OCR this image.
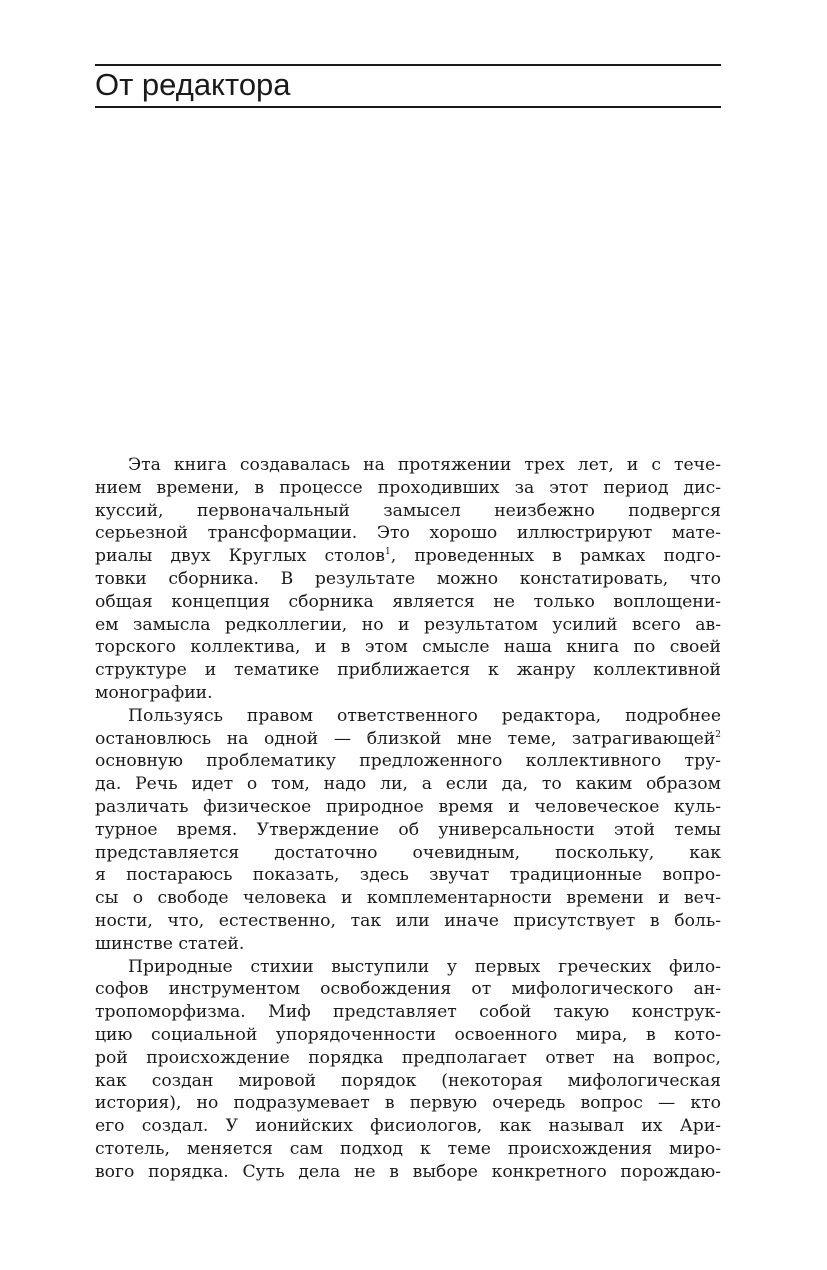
От редактора
Эта книга создавалась на протяжении трех лет, и с тече-
нием времени, в процессе проходивших за этот период дис-
куссий, первоначальный замысел неизбежно подвергся
серьезной трансформации. Это хорошо иллюстрируют мате-
риалы двух Круглых столов$^1$, проведенных в рамках подго-
товки сборника. В результате можно констатировать, что
общая концепция сборника является не только воплощени-
ем замысла редколлегии, но и результатом усилий всего ав-
торского коллектива, и в этом смысле наша книга по своей
структуре и тематике приближается к жанру коллективной
монографии.
Пользуясь правом ответственного редактора, подробнее
остановлюсь на одной — близкой мне теме, затрагивающей$^2$
основную проблематику предложенного коллективного тру-
да. Речь идет о том, надо ли, а если да, то каким образом
различать физическое природное время и человеческое куль-
турное время. Утверждение об универсальности этой темы
представляется достаточно очевидным, поскольку, как
я постараюсь показать, здесь звучат традиционные вопро-
сы о свободе человека и комплементарности времени и веч-
ности, что, естественно, так или иначе присутствует в боль-
шинстве статей.
Природные стихии выступили у первых греческих фило-
софов инструментом освобождения от мифологического ан-
тропоморфизма. Миф представляет собой такую конструк-
цию социальной упорядоченности освоенного мира, в кото-
рой происхождение порядка предполагает ответ на вопрос,
как создан мировой порядок (некоторая мифологическая
история), но подразумевает в первую очередь вопрос — кто
его создал. У ионийских фисиологов, как называл их Ари-
стотель, меняется сам подход к теме происхождения миро-
вого порядка. Суть дела не в выборе конкретного порождаю-
